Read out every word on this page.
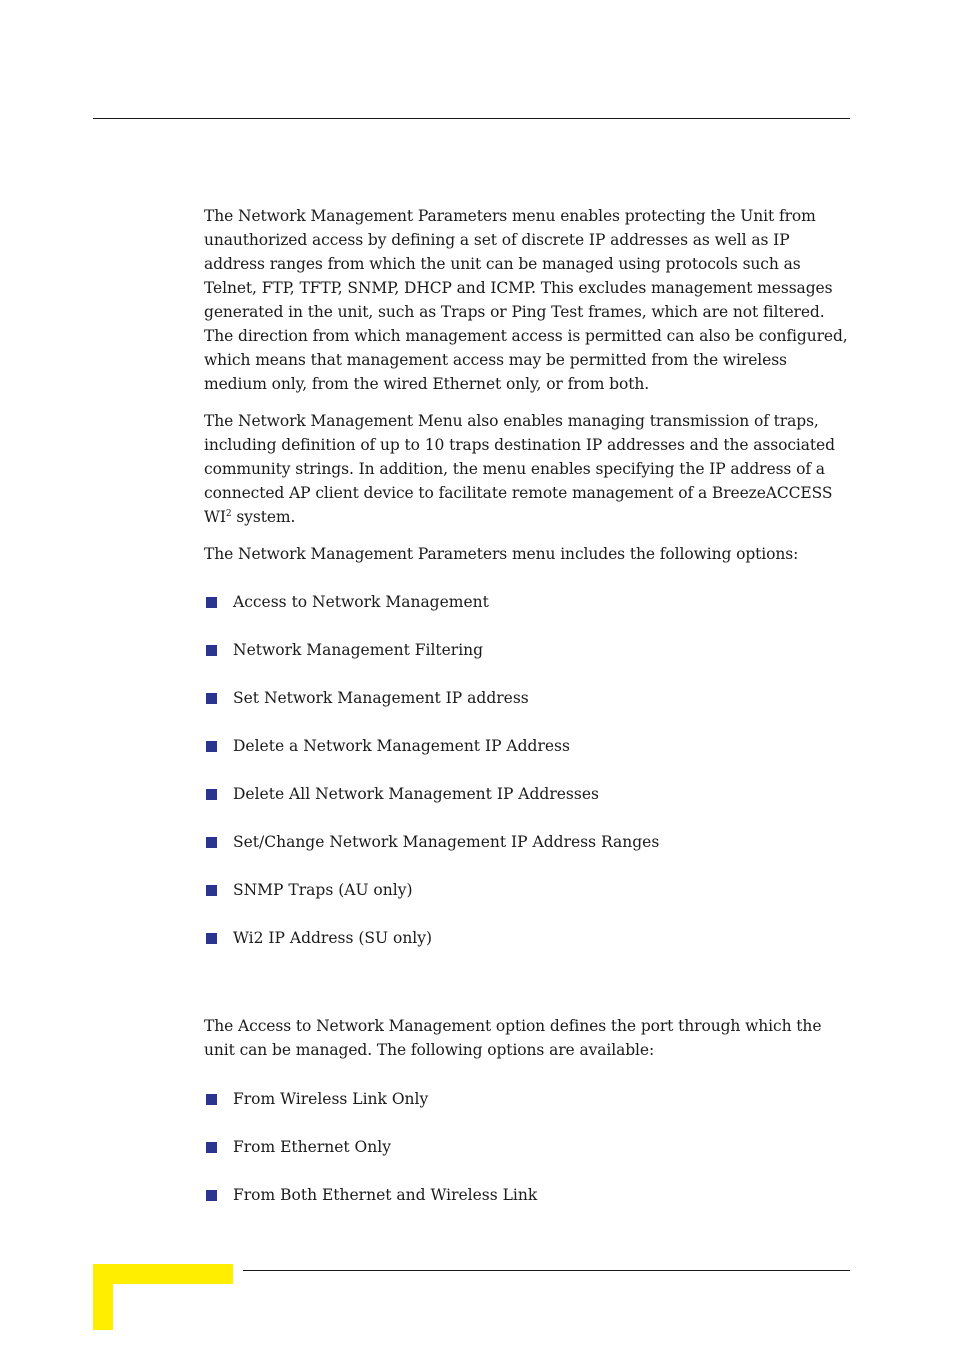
The Network Management Parameters menu enables protecting the Unit from unauthorized access by defining a set of discrete IP addresses as well as IP address ranges from which the unit can be managed using protocols such as Telnet, FTP, TFTP, SNMP, DHCP and ICMP. This excludes management messages generated in the unit, such as Traps or Ping Test frames, which are not filtered. The direction from which management access is permitted can also be configured, which means that management access may be permitted from the wireless medium only, from the wired Ethernet only, or from both.

The Network Management Menu also enables managing transmission of traps, including definition of up to 10 traps destination IP addresses and the associated community strings. In addition, the menu enables specifying the IP address of a connected AP client device to facilitate remote management of a BreezeACCESS $WI^2$ system.

The Network Management Parameters menu includes the following options:

Access to Network Management
Network Management Filtering
Set Network Management IP address
Delete a Network Management IP Address
Delete All Network Management IP Addresses
Set/Change Network Management IP Address Ranges
SNMP Traps (AU only)
Wi2 IP Address (SU only)

The Access to Network Management option defines the port through which the unit can be managed. The following options are available:

From Wireless Link Only
From Ethernet Only
From Both Ethernet and Wireless Link
